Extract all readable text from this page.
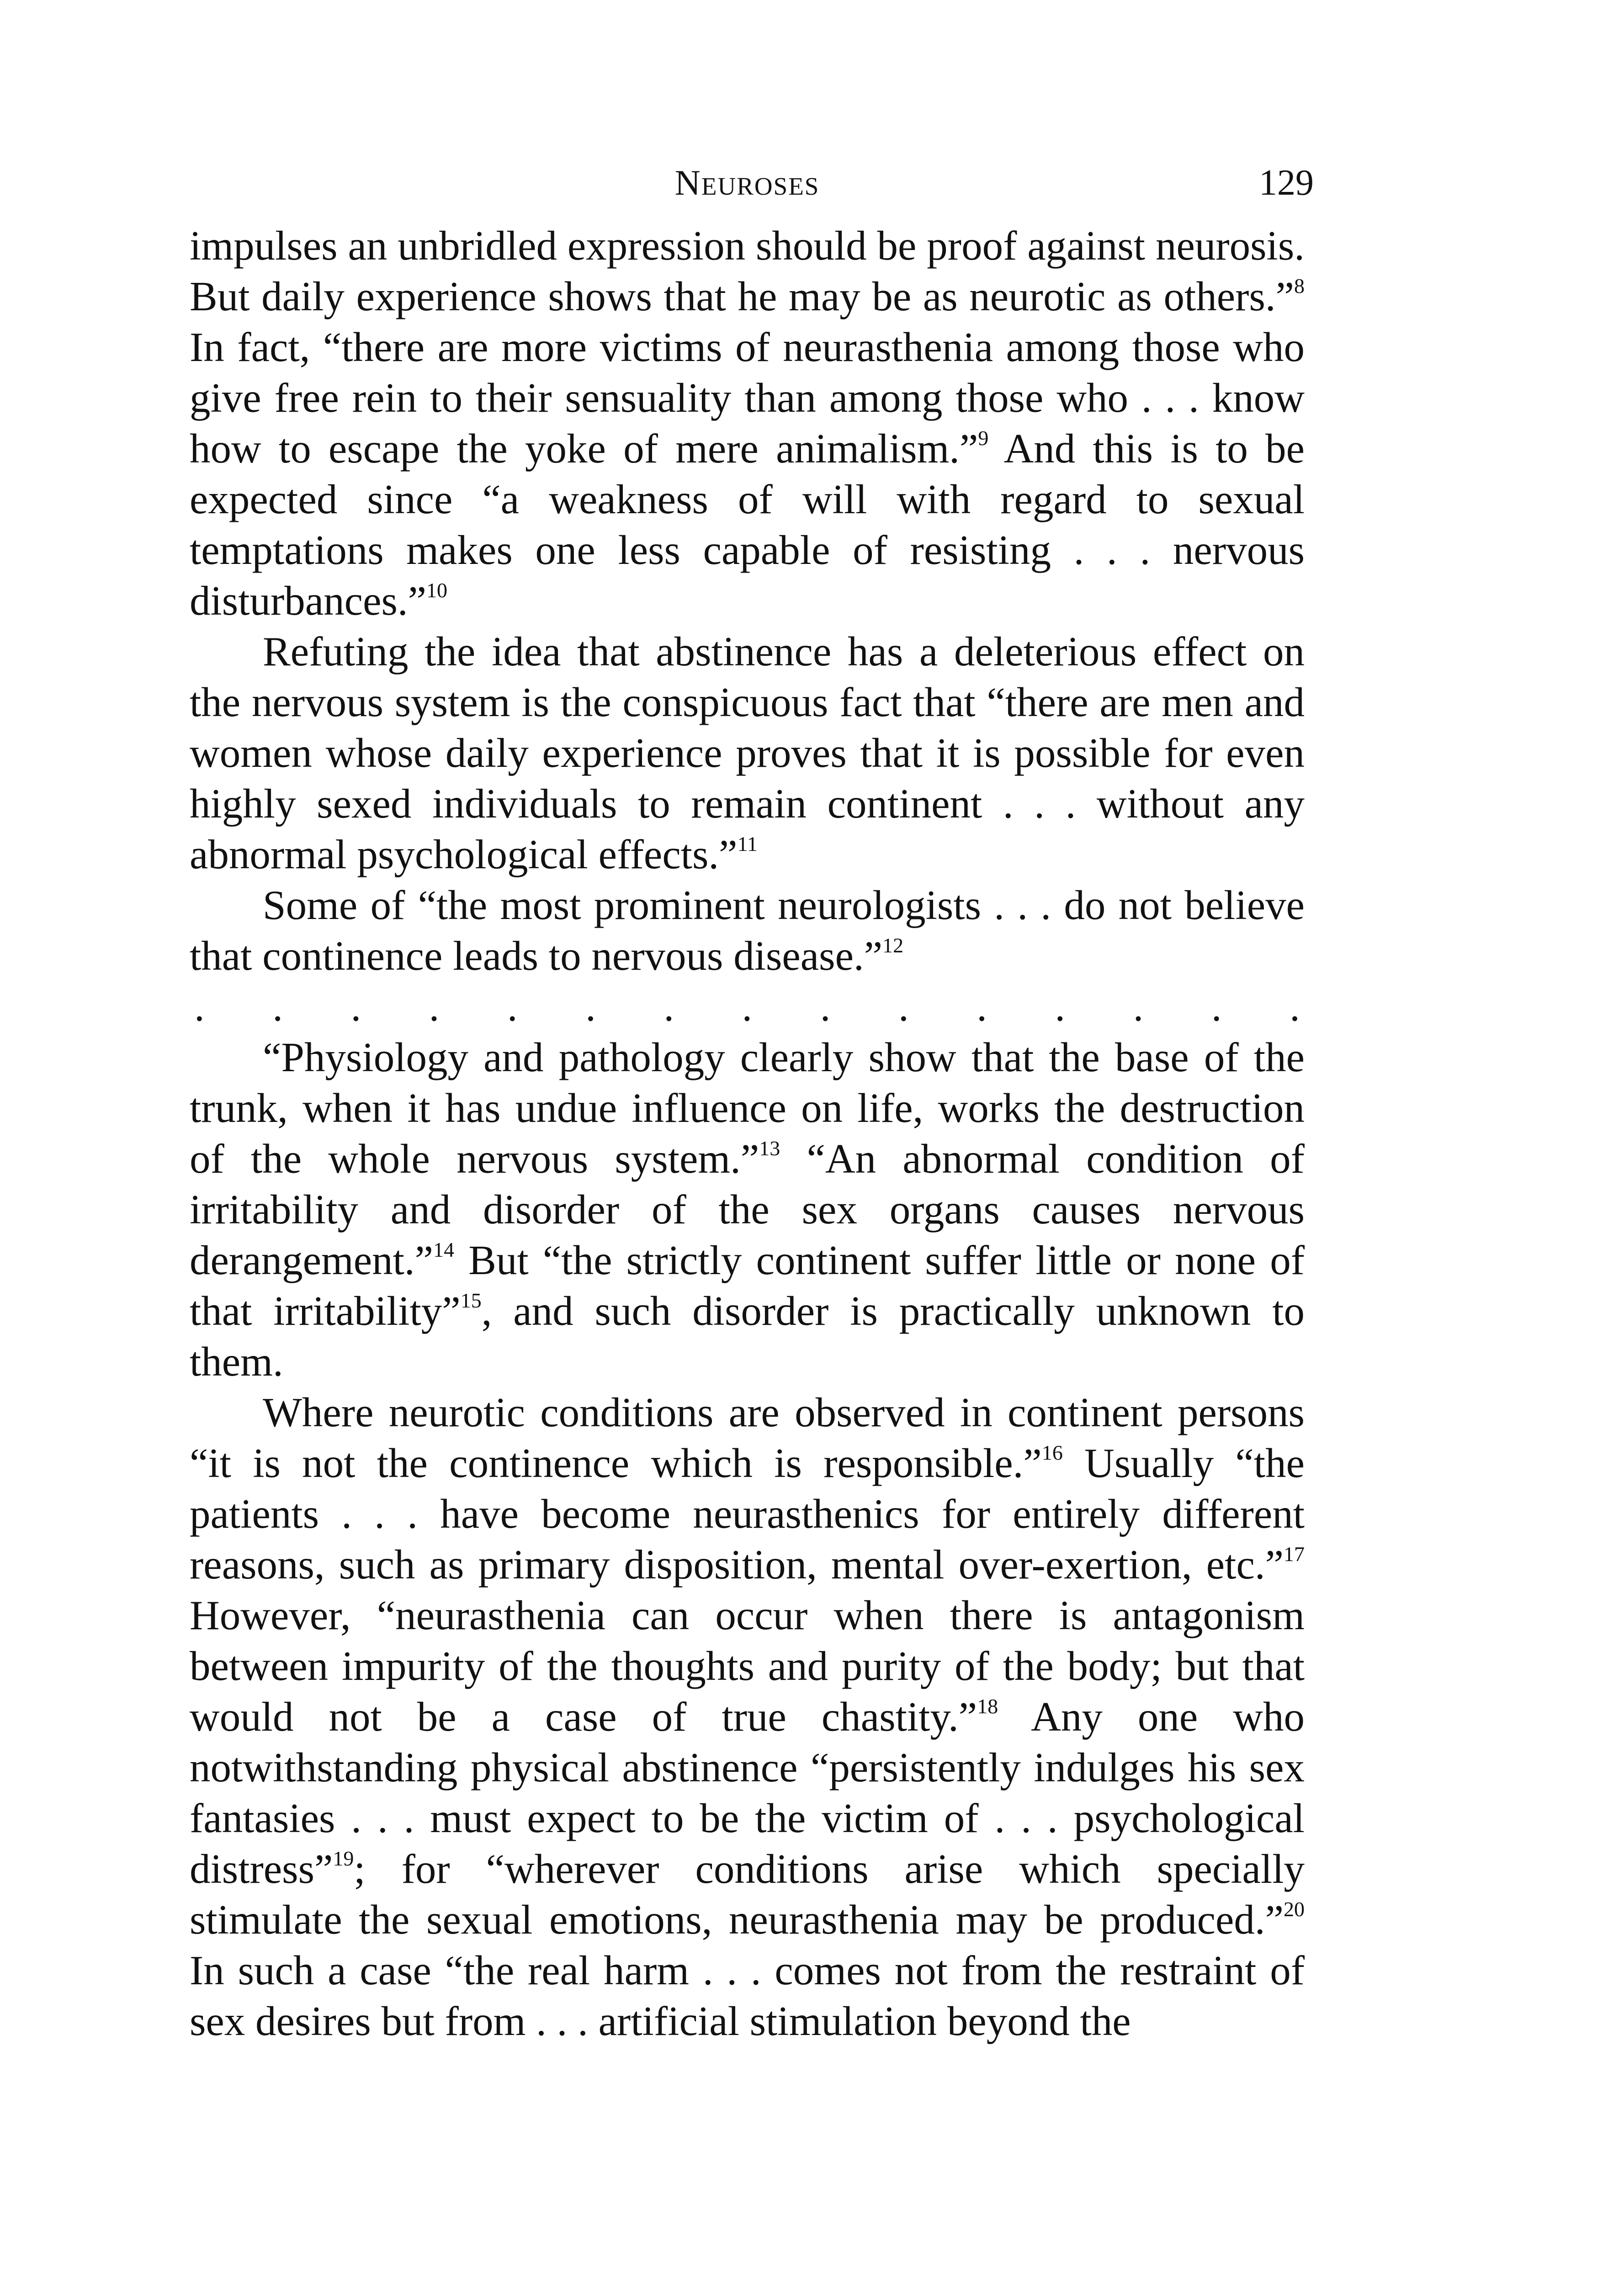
Neuroses	129

impulses an unbridled expression should be proof against neurosis. But daily experience shows that he may be as neurotic as others.”$^8$ In fact, “there are more victims of neurasthenia among those who give free rein to their sensuality than among those who . . . know how to escape the yoke of mere animalism.”$^9$ And this is to be expected since “a weakness of will with regard to sexual temptations makes one less capable of resisting . . . nervous disturbances.”$^{10}$

Refuting the idea that abstinence has a deleterious effect on the nervous system is the conspicuous fact that “there are men and women whose daily experience proves that it is possible for even highly sexed individuals to remain continent . . . without any abnormal psychological effects.”$^{11}$

Some of “the most prominent neurologists . . . do not believe that continence leads to nervous disease.”$^{12}$

. . . . . . . . . . . . . . .

“Physiology and pathology clearly show that the base of the trunk, when it has undue influence on life, works the destruction of the whole nervous system.”$^{13}$ “An abnormal condition of irritability and disorder of the sex organs causes nervous derangement.”$^{14}$ But “the strictly continent suffer little or none of that irritability”$^{15}$, and such disorder is practically unknown to them.

Where neurotic conditions are observed in continent persons “it is not the continence which is responsible.”$^{16}$ Usually “the patients . . . have become neurasthenics for entirely different reasons, such as primary disposition, mental over-exertion, etc.”$^{17}$ However, “neurasthenia can occur when there is antagonism between impurity of the thoughts and purity of the body; but that would not be a case of true chastity.”$^{18}$ Any one who notwithstanding physical abstinence “persistently indulges his sex fantasies . . . must expect to be the victim of . . . psychological distress”$^{19}$; for “wherever conditions arise which specially stimulate the sexual emotions, neurasthenia may be produced.”$^{20}$ In such a case “the real harm . . . comes not from the restraint of sex desires but from . . . artificial stimulation beyond the
